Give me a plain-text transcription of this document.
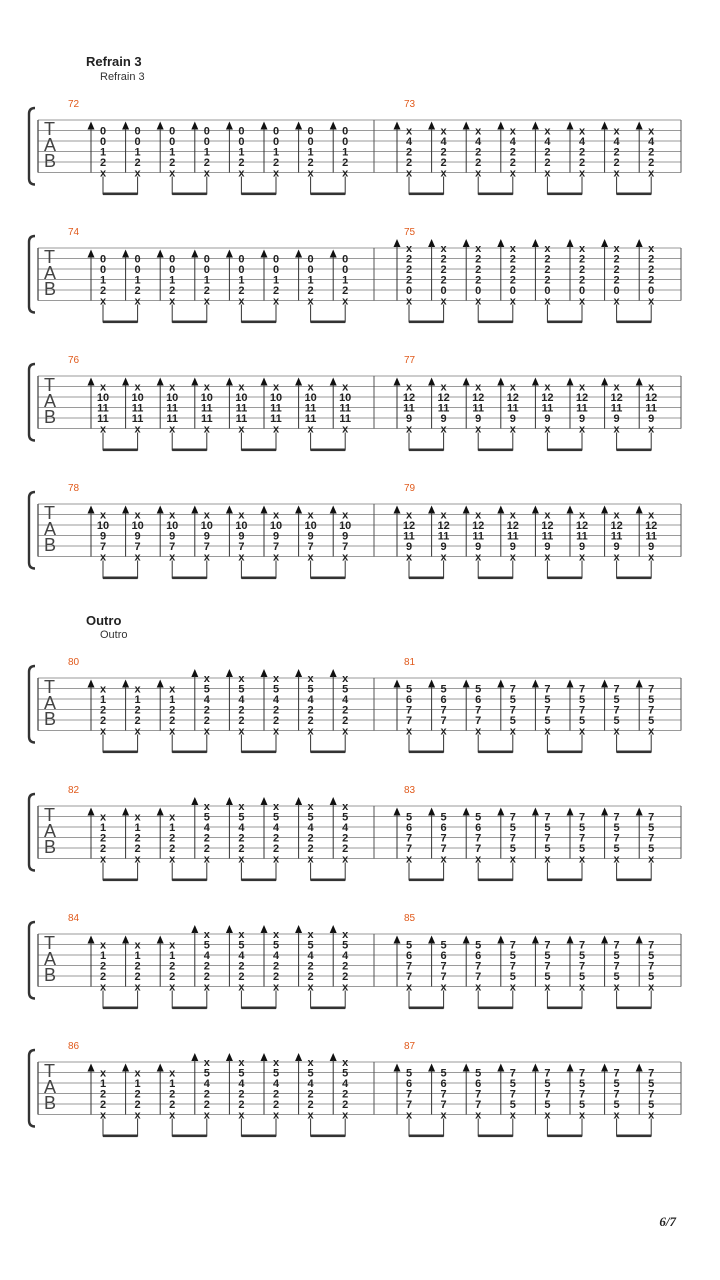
Refrain 3
Refrain 3
Outro
Outro
T
A
B
72
0
0
1
2
x
0
0
1
2
x
0
0
1
2
x
0
0
1
2
x
0
0
1
2
x
0
0
1
2
x
0
0
1
2
x
0
0
1
2
x
73
x
4
2
2
x
x
4
2
2
x
x
4
2
2
x
x
4
2
2
x
x
4
2
2
x
x
4
2
2
x
x
4
2
2
x
x
4
2
2
x
T
A
B
74
0
0
1
2
x
0
0
1
2
x
0
0
1
2
x
0
0
1
2
x
0
0
1
2
x
0
0
1
2
x
0
0
1
2
x
0
0
1
2
x
75
x
2
2
2
0
x
x
2
2
2
0
x
x
2
2
2
0
x
x
2
2
2
0
x
x
2
2
2
0
x
x
2
2
2
0
x
x
2
2
2
0
x
x
2
2
2
0
x
T
A
B
76
x
10
11
11
x
x
10
11
11
x
x
10
11
11
x
x
10
11
11
x
x
10
11
11
x
x
10
11
11
x
x
10
11
11
x
x
10
11
11
x
77
x
12
11
9
x
x
12
11
9
x
x
12
11
9
x
x
12
11
9
x
x
12
11
9
x
x
12
11
9
x
x
12
11
9
x
x
12
11
9
x
T
A
B
78
x
10
9
7
x
x
10
9
7
x
x
10
9
7
x
x
10
9
7
x
x
10
9
7
x
x
10
9
7
x
x
10
9
7
x
x
10
9
7
x
79
x
12
11
9
x
x
12
11
9
x
x
12
11
9
x
x
12
11
9
x
x
12
11
9
x
x
12
11
9
x
x
12
11
9
x
x
12
11
9
x
T
A
B
80
x
1
2
2
x
x
1
2
2
x
x
1
2
2
x
x
5
4
2
2
x
x
5
4
2
2
x
x
5
4
2
2
x
x
5
4
2
2
x
x
5
4
2
2
x
81
5
6
7
7
x
5
6
7
7
x
5
6
7
7
x
7
5
7
5
x
7
5
7
5
x
7
5
7
5
x
7
5
7
5
x
7
5
7
5
x
T
A
B
82
x
1
2
2
x
x
1
2
2
x
x
1
2
2
x
x
5
4
2
2
x
x
5
4
2
2
x
x
5
4
2
2
x
x
5
4
2
2
x
x
5
4
2
2
x
83
5
6
7
7
x
5
6
7
7
x
5
6
7
7
x
7
5
7
5
x
7
5
7
5
x
7
5
7
5
x
7
5
7
5
x
7
5
7
5
x
T
A
B
84
x
1
2
2
x
x
1
2
2
x
x
1
2
2
x
x
5
4
2
2
x
x
5
4
2
2
x
x
5
4
2
2
x
x
5
4
2
2
x
x
5
4
2
2
x
85
5
6
7
7
x
5
6
7
7
x
5
6
7
7
x
7
5
7
5
x
7
5
7
5
x
7
5
7
5
x
7
5
7
5
x
7
5
7
5
x
T
A
B
86
x
1
2
2
x
x
1
2
2
x
x
1
2
2
x
x
5
4
2
2
x
x
5
4
2
2
x
x
5
4
2
2
x
x
5
4
2
2
x
x
5
4
2
2
x
87
5
6
7
7
x
5
6
7
7
x
5
6
7
7
x
7
5
7
5
x
7
5
7
5
x
7
5
7
5
x
7
5
7
5
x
7
5
7
5
x
6/7
